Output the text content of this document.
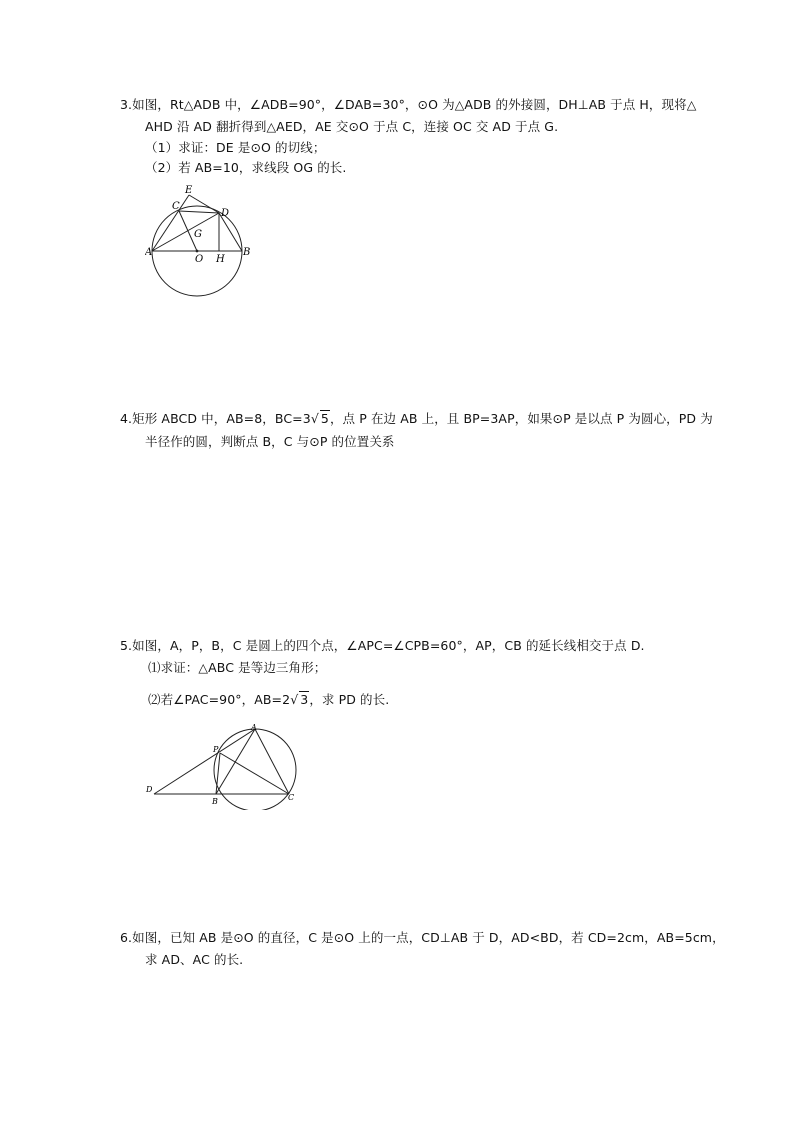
3.如图，Rt△ADB 中，∠ADB=90°，∠DAB=30°，⊙O 为△ADB 的外接圆，DH⊥AB 于点 H，现将△
AHD 沿 AD 翻折得到△AED，AE 交⊙O 于点 C，连接 OC 交 AD 于点 G.
（1）求证：DE 是⊙O 的切线；
（2）若 AB=10，求线段 OG 的长.
E
C
D
G
A
O H
B
4.矩形 ABCD 中，AB=8，BC=3√ 5，点 P 在边 AB 上，且 BP=3AP，如果⊙P 是以点 P 为圆心，PD 为
半径作的圆，判断点 B，C 与⊙P 的位置关系
5.如图，A，P，B，C 是圆上的四个点，∠APC=∠CPB=60°，AP，CB 的延长线相交于点 D.
⑴求证：△ABC 是等边三角形；
⑵若∠PAC=90°，AB=2√ 3，求 PD 的长.
A
P
D
B	C
6.如图，已知 AB 是⊙O 的直径，C 是⊙O 上的一点，CD⊥AB 于 D，AD<BD，若 CD=2cm，AB=5cm，
求 AD、AC 的长.
